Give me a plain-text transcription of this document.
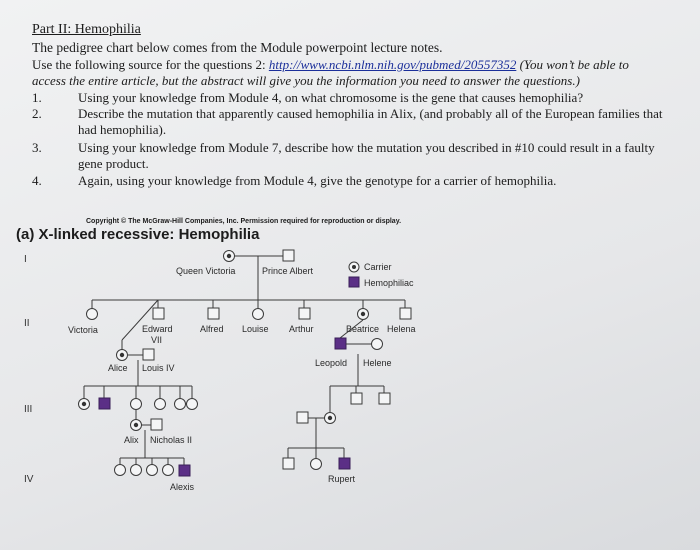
Part II: Hemophilia
The pedigree chart below comes from the Module powerpoint lecture notes.
Use the following source for the questions 2: http://www.ncbi.nlm.nih.gov/pubmed/20557352 (You won’t be able to
access the entire article, but the abstract will give you the information you need to answer the questions.)
1.	Using your knowledge from Module 4, on what chromosome is the gene that causes hemophilia?
2.	Describe the mutation that apparently caused hemophilia in Alix, (and probably all of the European families that
had hemophilia).
3.	Using your knowledge from Module 7, describe how the mutation you described in #10 could result in a faulty
gene product.
4.	Again, using your knowledge from Module 4, give the genotype for a carrier of hemophilia.
Copyright © The McGraw-Hill Companies, Inc. Permission required for reproduction or display.
(a) X-linked recessive: Hemophilia
I
II
III
IV
Carrier
Hemophiliac
Queen Victoria	Prince Albert
Victoria	Edward
VII
Alfred Louise Arthur	Beatrice Helena
Alice Louis IV	Leopold Helene
Alix Nicholas II
Alexis
Rupert
